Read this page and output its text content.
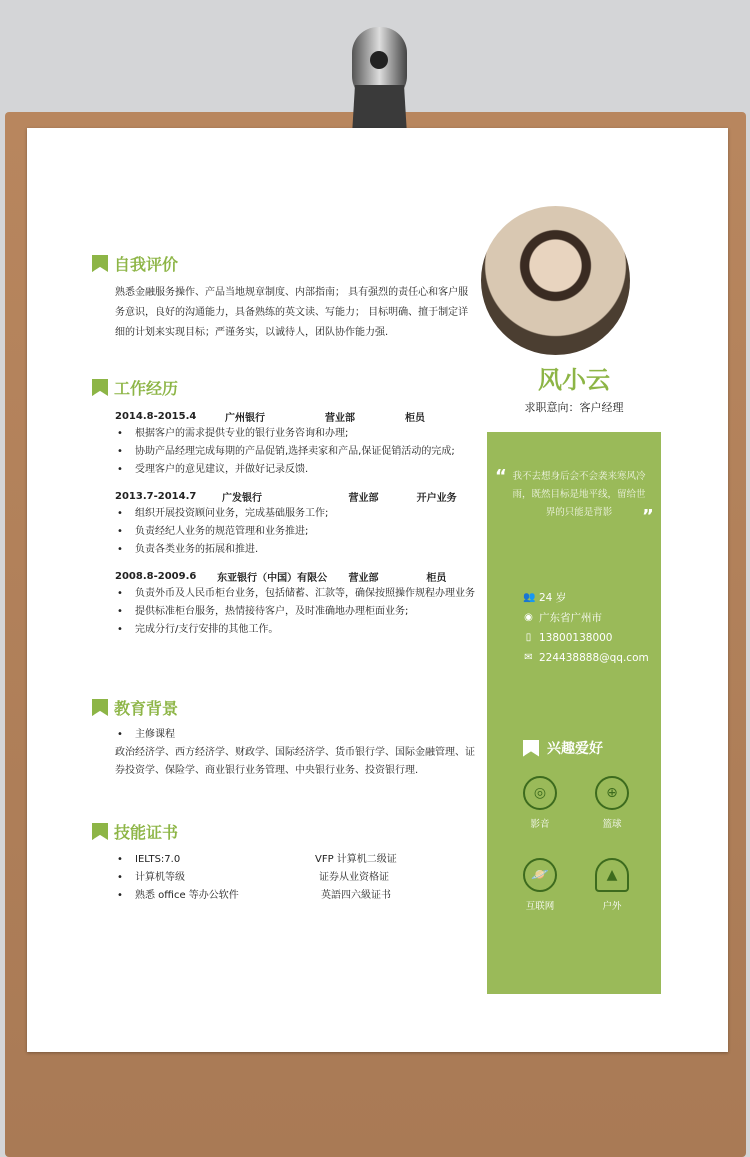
自我评价
熟悉金融服务操作、产品当地规章制度、内部指南； 具有强烈的责任心和客户服务意识，良好的沟通能力，具备熟练的英文读、写能力； 目标明确、擅于制定详细的计划来实现目标；严谨务实，以诚待人，团队协作能力强.
工作经历
2014.8-2015.4	广州银行	营业部	柜员
• 根据客户的需求提供专业的银行业务咨询和办理;
• 协助产品经理完成每期的产品促销,选择卖家和产品,保证促销活动的完成;
• 受理客户的意见建议，并做好记录反馈.
2013.7-2014.7	广发银行	营业部	开户业务
• 组织开展投资顾问业务，完成基础服务工作;
• 负责经纪人业务的规范管理和业务推进;
• 负责各类业务的拓展和推进.
2008.8-2009.6	东亚银行（中国）有限公	营业部	柜员
• 负责外币及人民币柜台业务，包括储蓄、汇款等，确保按照操作规程办理业务
• 提供标准柜台服务，热情接待客户，及时准确地办理柜面业务;
• 完成分行/支行安排的其他工作。
教育背景
• 主修课程
政治经济学、西方经济学、财政学、国际经济学、货币银行学、国际金融管理、证券投资学、保险学、商业银行业务管理、中央银行业务、投资银行理.
技能证书
• IELTS:7.0	VFP 计算机二级证
• 计算机等级	证券从业资格证
• 熟悉 office 等办公软件	英語四六級证书
风小云
求职意向：客户经理
“ 我不去想身后会不会袭来寒风冷雨，既然目标是地平线，留给世界的只能是背影	”
👥 24 岁
◉ 广东省广州市
▯ 13800138000
✉ 224438888@qq.com
兴趣爱好
◎
影音
⊕
篮球
🪐
互联网
▲
户外
